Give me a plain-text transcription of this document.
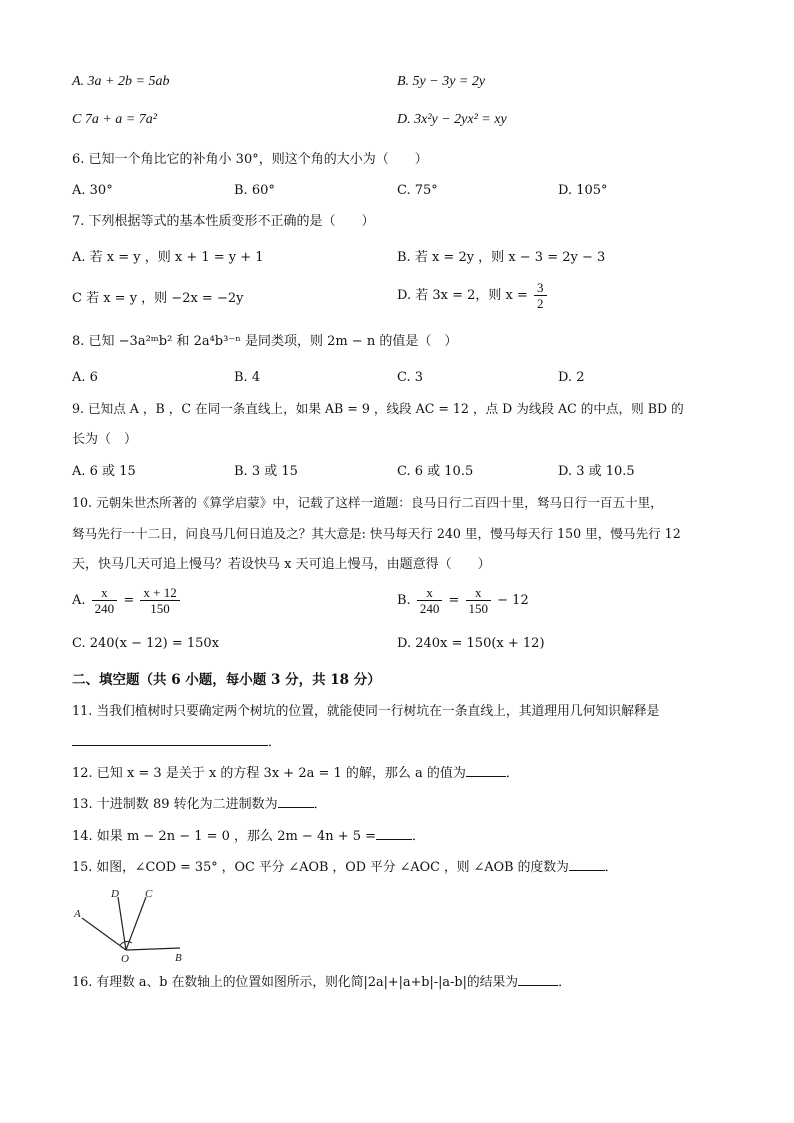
A. 3a + 2b = 5ab	B. 5y − 3y = 2y
C 7a + a = 7a²	D. 3x²y − 2yx² = xy
6. 已知一个角比它的补角小 30°，则这个角的大小为（　　）
A. 30°	B. 60°	C. 75°	D. 105°
7. 下列根据等式的基本性质变形不正确的是（　　）
A. 若 x = y ，则 x + 1 = y + 1	B. 若 x = 2y ，则 x − 3 = 2y − 3
C 若 x = y ，则 −2x = −2y	D. 若 3x = 2，则 $x = \frac{3}{2}$
8. 已知 −3a²ᵐb² 和 2a⁴b³⁻ⁿ 是同类项，则 2m − n 的值是（　）
A. 6	B. 4	C. 3	D. 2
9. 已知点 A ，B ，C 在同一条直线上，如果 AB = 9 ，线段 AC = 12 ，点 D 为线段 AC 的中点，则 BD 的
长为（　）
A. 6 或 15	B. 3 或 15	C. 6 或 10.5	D. 3 或 10.5
10. 元朝朱世杰所著的《算学启蒙》中，记载了这样一道题：良马日行二百四十里，驽马日行一百五十里，
驽马先行一十二日，问良马几何日追及之？其大意是: 快马每天行 240 里，慢马每天行 150 里，慢马先行 12
天，快马几天可追上慢马？若设快马 x 天可追上慢马，由题意得（　　）
A. $\frac{x}{240} = \frac{x + 12}{150}$	B. $\frac{x}{240} = \frac{x}{150} - 12$
C. 240(x − 12) = 150x	D. 240x = 150(x + 12)
二、填空题（共 6 小题，每小题 3 分，共 18 分）
11. 当我们植树时只要确定两个树坑的位置，就能使同一行树坑在一条直线上，其道理用几何知识解释是
．
12. 已知 x = 3 是关于 x 的方程 3x + 2a = 1 的解，那么 a 的值为	．
13. 十进制数 89 转化为二进制数为	．
14. 如果 m − 2n − 1 = 0 ，那么 2m − 4n + 5 =	．
15. 如图，∠COD = 35° ，OC 平分 ∠AOB ，OD 平分 ∠AOC ，则 ∠AOB 的度数为	．
A
D C
O	B
16. 有理数 a、b 在数轴上的位置如图所示，则化简|2a|+|a+b|-|a-b|的结果为	．
